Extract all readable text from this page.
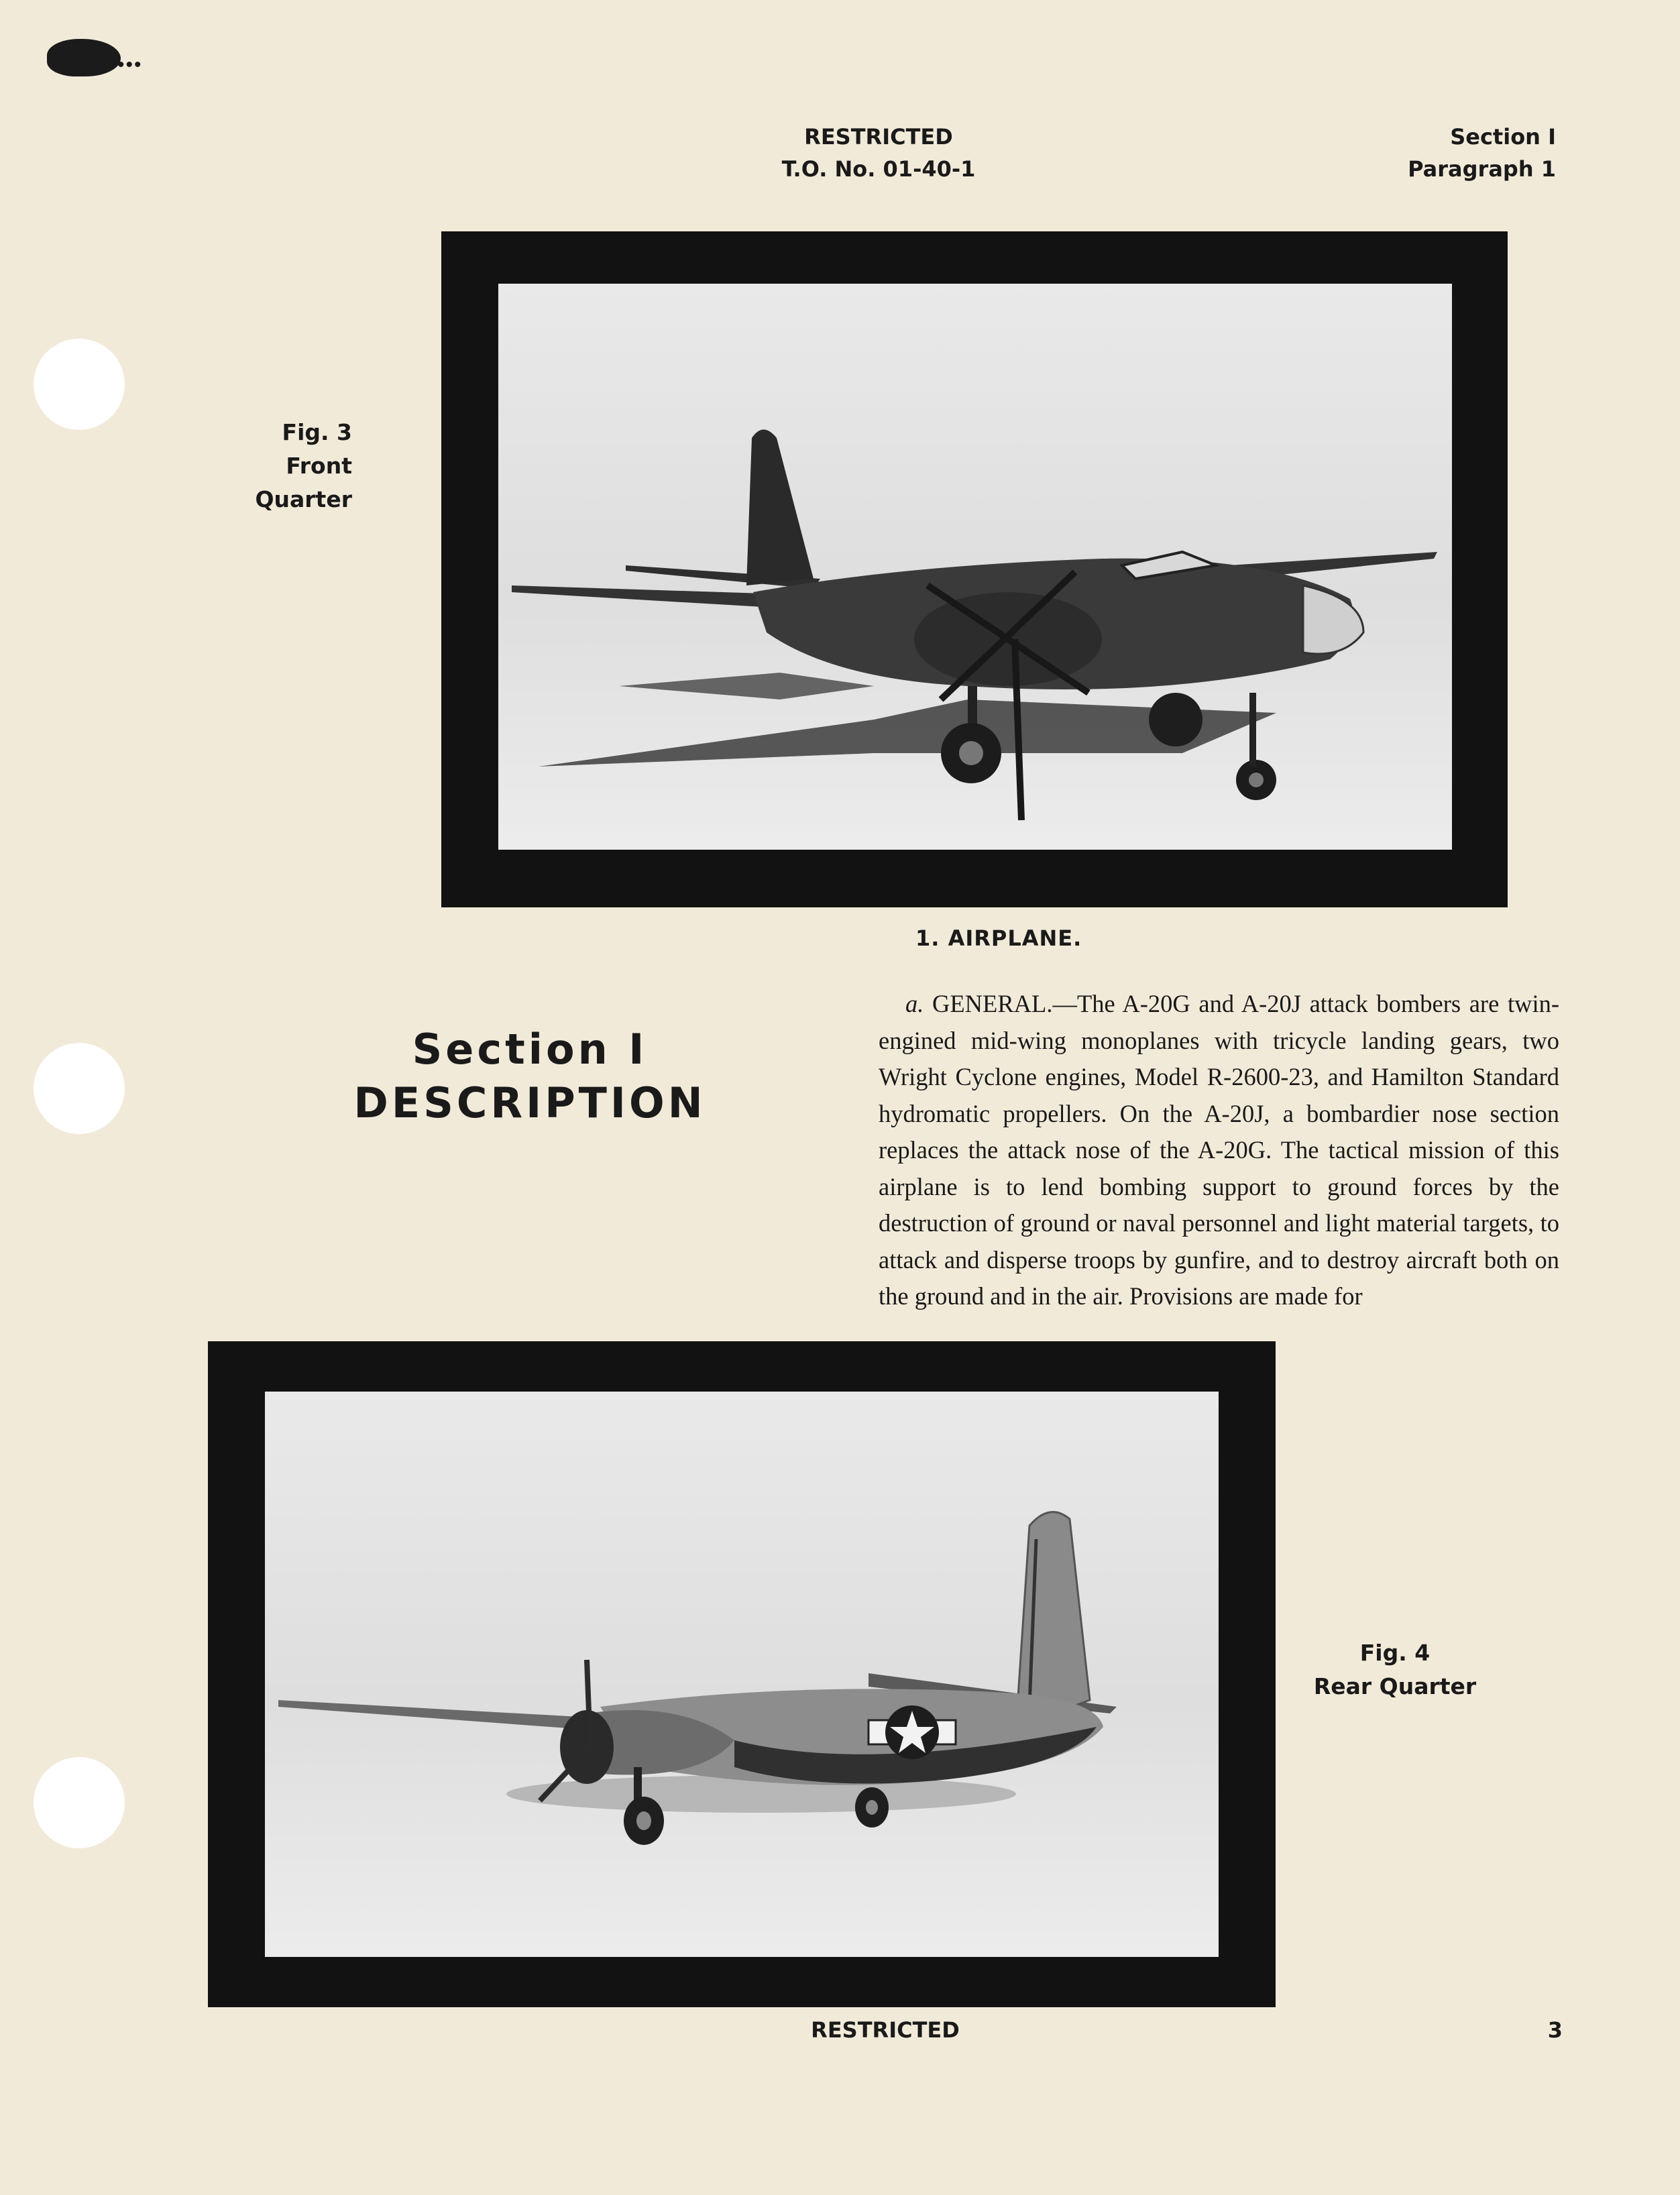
•••
RESTRICTED
T.O. No. 01-40-1
Section I
Paragraph 1
Fig. 3
Front
Quarter
1. AIRPLANE.
Section I
DESCRIPTION
a. GENERAL.—The A-20G and A-20J attack bombers are twin-engined mid-wing monoplanes with tricycle landing gears, two Wright Cyclone engines, Model R-2600-23, and Hamilton Standard hydromatic propellers. On the A-20J, a bombardier nose section replaces the attack nose of the A-20G. The tactical mission of this airplane is to lend bombing support to ground forces by the destruction of ground or naval personnel and light material targets, to attack and disperse troops by gunfire, and to destroy aircraft both on the ground and in the air. Provisions are made for
Fig. 4
Rear Quarter
RESTRICTED	3
